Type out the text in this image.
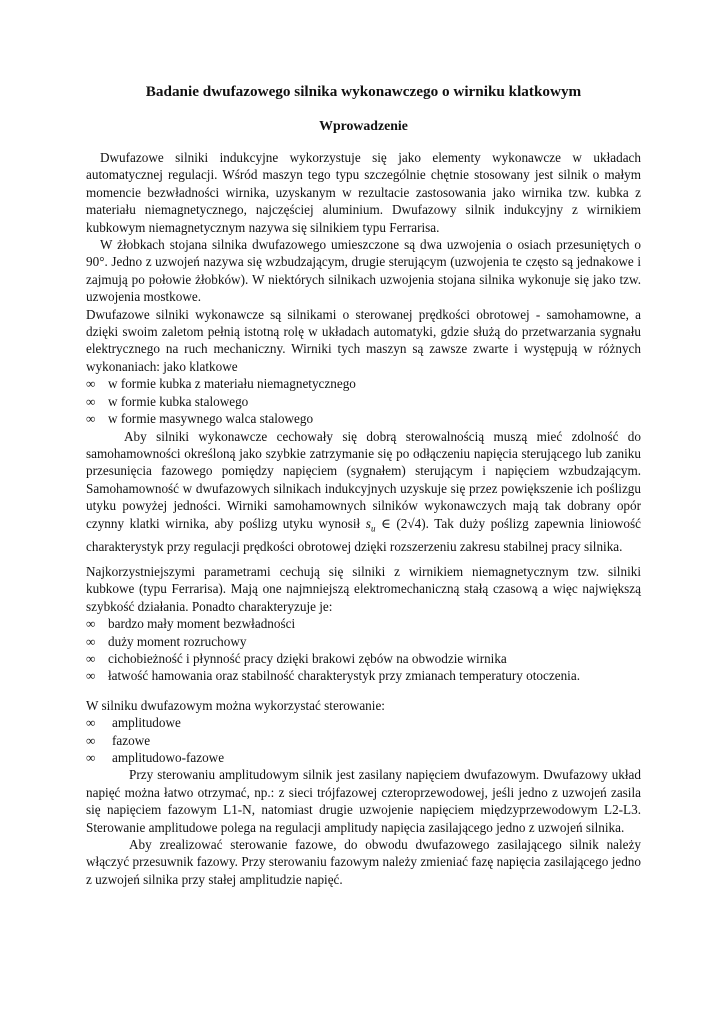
Badanie dwufazowego silnika wykonawczego o wirniku klatkowym
Wprowadzenie

Dwufazowe silniki indukcyjne wykorzystuje się jako elementy wykonawcze w układach automatycznej regulacji. Wśród maszyn tego typu szczególnie chętnie stosowany jest silnik o małym momencie bezwładności wirnika, uzyskanym w rezultacie zastosowania jako wirnika tzw. kubka z materiału niemagnetycznego, najczęściej aluminium. Dwufazowy silnik indukcyjny z wirnikiem kubkowym niemagnetycznym nazywa się silnikiem typu Ferrarisa.

W żłobkach stojana silnika dwufazowego umieszczone są dwa uzwojenia o osiach przesuniętych o 90°. Jedno z uzwojeń nazywa się wzbudzającym, drugie sterującym (uzwojenia te często są jednakowe i zajmują po połowie żłobków). W niektórych silnikach uzwojenia stojana silnika wykonuje się jako tzw. uzwojenia mostkowe.

Dwufazowe silniki wykonawcze są silnikami o sterowanej prędkości obrotowej - samohamowne, a dzięki swoim zaletom pełnią istotną rolę w układach automatyki, gdzie służą do przetwarzania sygnału elektrycznego na ruch mechaniczny. Wirniki tych maszyn są zawsze zwarte i występują w różnych wykonaniach: jako klatkowe

∞ w formie kubka z materiału niemagnetycznego
∞ w formie kubka stalowego
∞ w formie masywnego walca stalowego

Aby silniki wykonawcze cechowały się dobrą sterowalnością muszą mieć zdolność do samohamowności określoną jako szybkie zatrzymanie się po odłączeniu napięcia sterującego lub zaniku przesunięcia fazowego pomiędzy napięciem (sygnałem) sterującym i napięciem wzbudzającym. Samohamowność w dwufazowych silnikach indukcyjnych uzyskuje się przez powiększenie ich poślizgu utyku powyżej jedności. Wirniki samohamownych silników wykonawczych mają tak dobrany opór czynny klatki wirnika, aby poślizg utyku wynosił $s_u$ ∈ (2√4). Tak duży poślizg zapewnia liniowość charakterystyk przy regulacji prędkości obrotowej dzięki rozszerzeniu zakresu stabilnej pracy silnika.

Najkorzystniejszymi parametrami cechują się silniki z wirnikiem niemagnetycznym tzw. silniki kubkowe (typu Ferrarisa). Mają one najmniejszą elektromechaniczną stałą czasową a więc największą szybkość działania. Ponadto charakteryzuje je:

∞ bardzo mały moment bezwładności
∞ duży moment rozruchowy
∞ cichobieżność i płynność pracy dzięki brakowi zębów na obwodzie wirnika
∞ łatwość hamowania oraz stabilność charakterystyk przy zmianach temperatury otoczenia.

W silniku dwufazowym można wykorzystać sterowanie:

∞ amplitudowe
∞ fazowe
∞ amplitudowo-fazowe

Przy sterowaniu amplitudowym silnik jest zasilany napięciem dwufazowym. Dwufazowy układ napięć można łatwo otrzymać, np.: z sieci trójfazowej czteroprzewodowej, jeśli jedno z uzwojeń zasila się napięciem fazowym L1-N, natomiast drugie uzwojenie napięciem międzyprzewodowym L2-L3. Sterowanie amplitudowe polega na regulacji amplitudy napięcia zasilającego jedno z uzwojeń silnika.

Aby zrealizować sterowanie fazowe, do obwodu dwufazowego zasilającego silnik należy włączyć przesuwnik fazowy. Przy sterowaniu fazowym należy zmieniać fazę napięcia zasilającego jedno z uzwojeń silnika przy stałej amplitudzie napięć.
